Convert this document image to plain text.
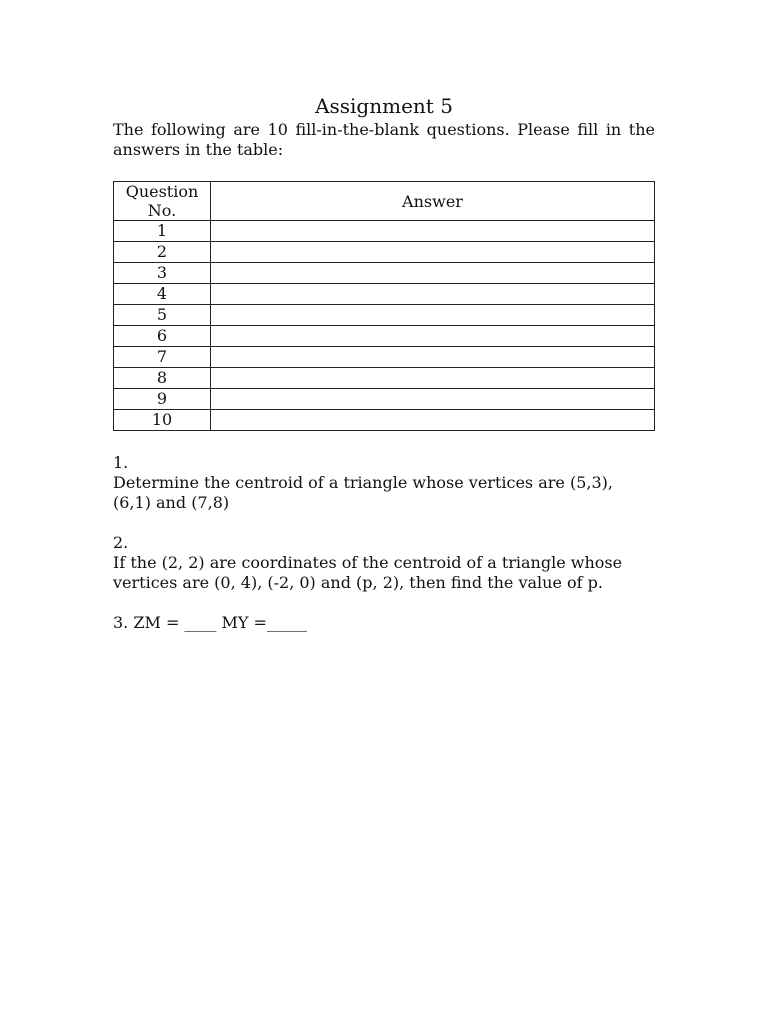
Assignment 5

The following are 10 fill-in-the-blank questions. Please fill in the answers in the table:

Question No.	Answer
1	
2	
3	
4	
5	
6	
7	
8	
9	
10	

1.

Determine the centroid of a triangle whose vertices are (5,3), (6,1) and (7,8)

2.

If the (2, 2) are coordinates of the centroid of a triangle whose vertices are (0, 4), (-2, 0) and (p, 2), then find the value of p.

3. ZM = ____ MY =_____
